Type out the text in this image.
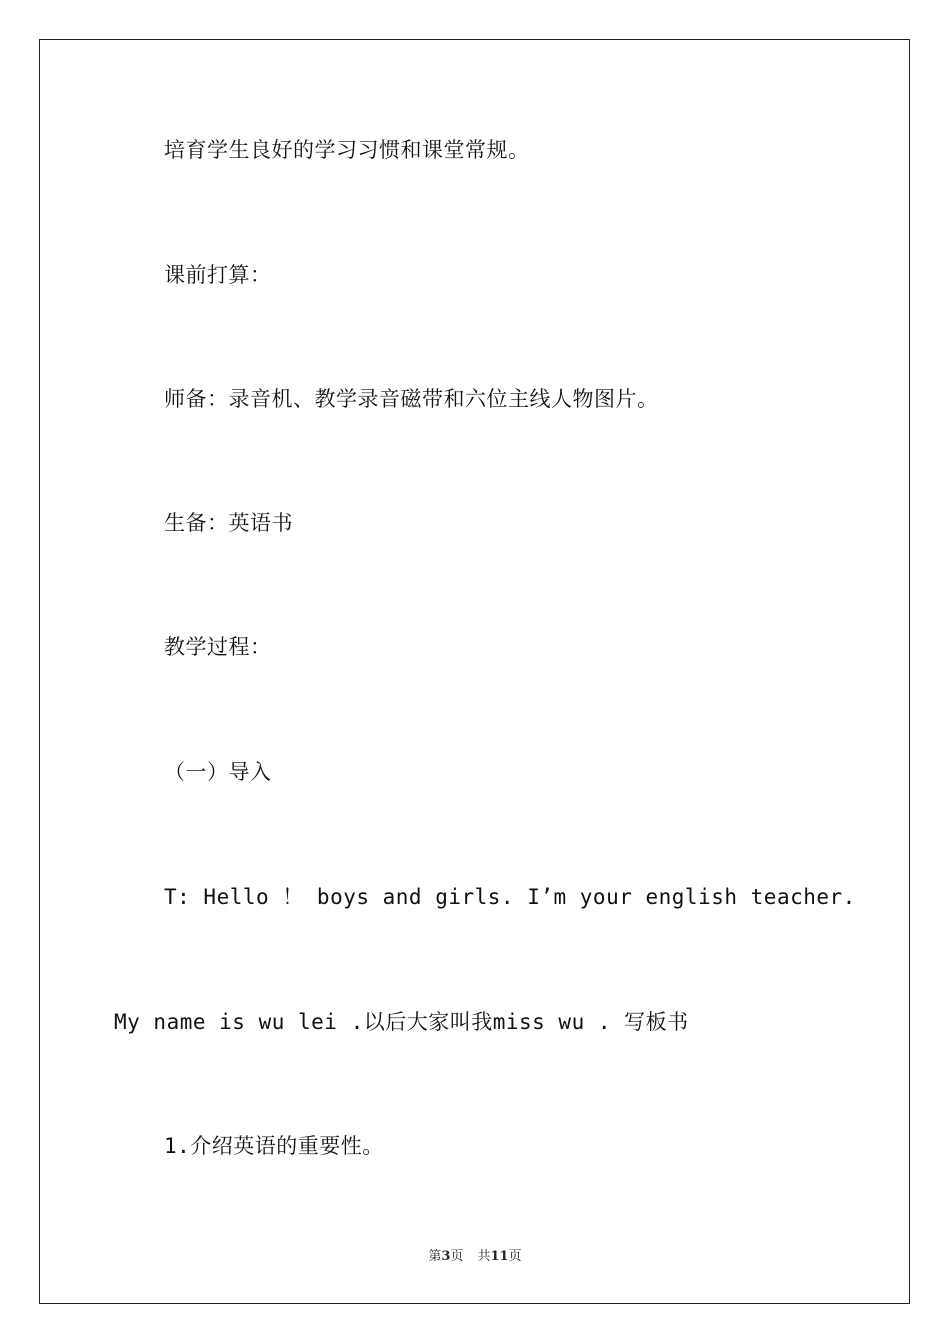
培育学生良好的学习习惯和课堂常规。
课前打算：
师备：录音机、教学录音磁带和六位主线人物图片。
生备：英语书
教学过程：
（一）导入
T: Hello ！ boys and girls. I’m your english teacher.
My name is wu lei .以后大家叫我miss wu . 写板书
1.介绍英语的重要性。
第3页 共11页
